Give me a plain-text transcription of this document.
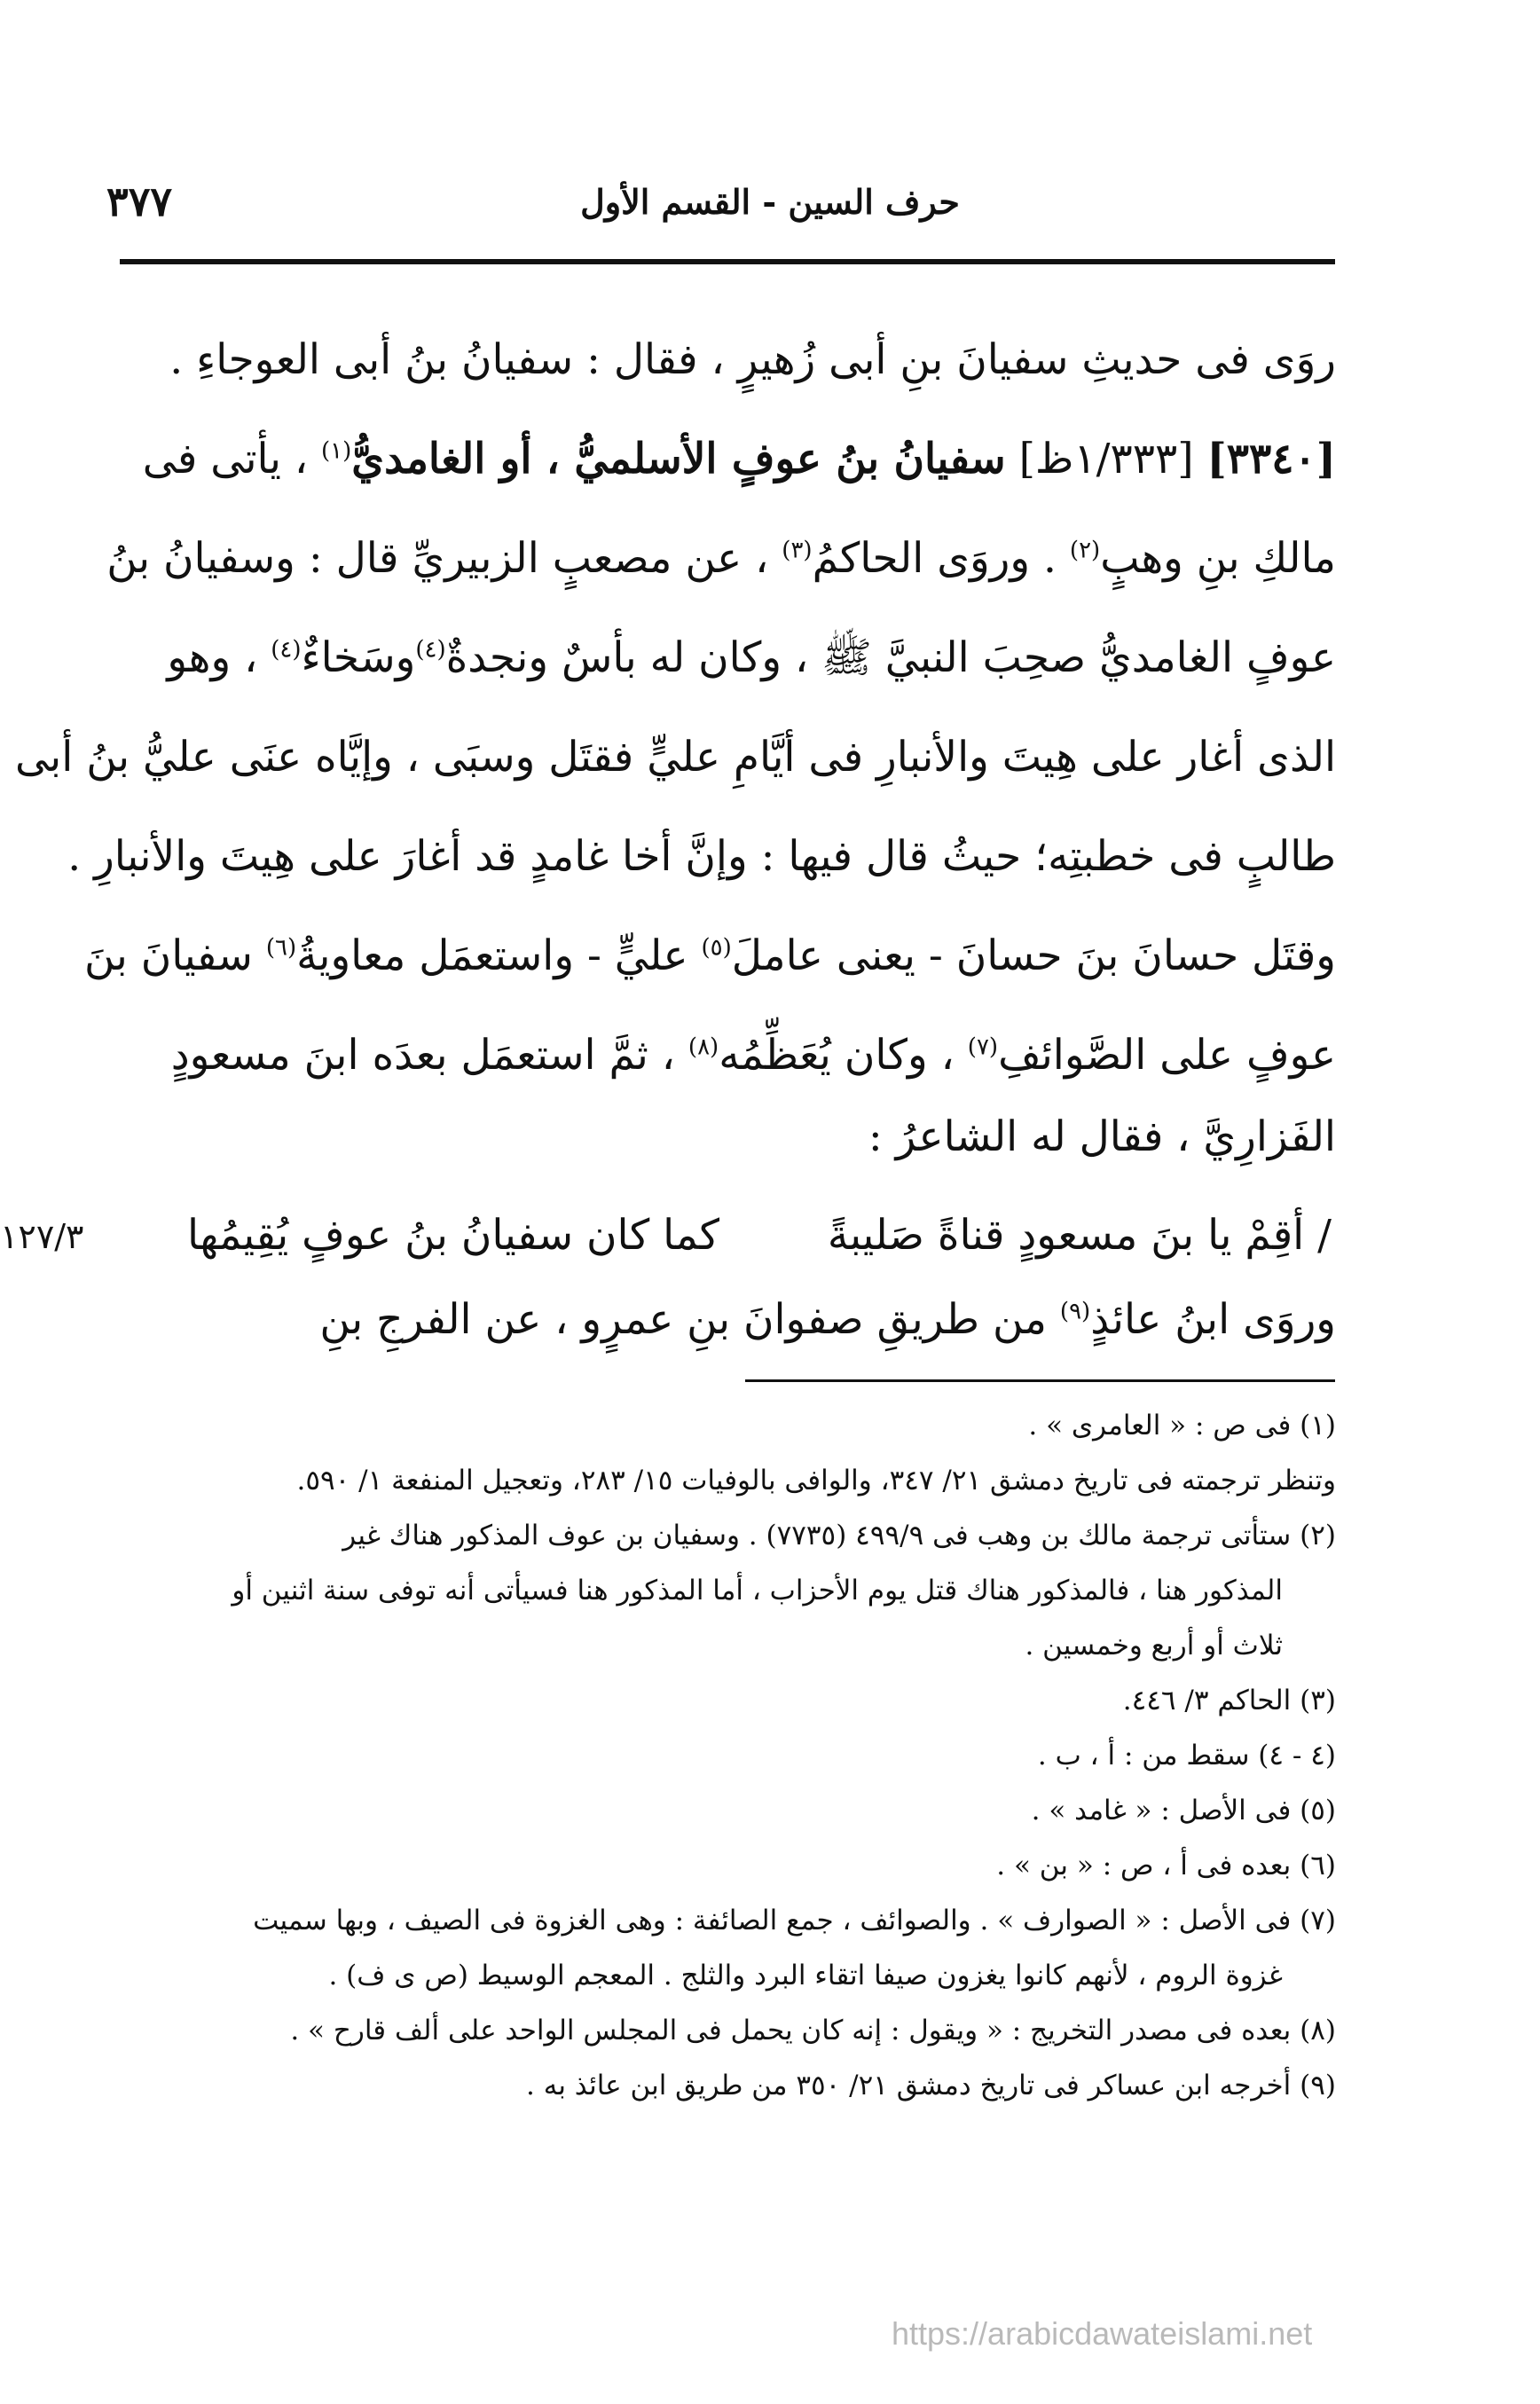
٣٧٧	حرف السين - القسم الأول
روَى فى حديثِ سفيانَ بنِ أبى زُهيرٍ ، فقال : سفيانُ بنُ أبى العوجاءِ .
[٣٣٤٠] [١/٣٣٣ظ] سفيانُ بنُ عوفٍ الأسلميُّ ، أو الغامديُّ$^{(١)}$ ، يأتى فى
مالكِ بنِ وهبٍ$^{(٢)}$ . وروَى الحاكمُ$^{(٣)}$ ، عن مصعبٍ الزبيريِّ قال : وسفيانُ بنُ
عوفٍ الغامديُّ صحِبَ النبيَّ ﷺ ، وكان له بأسٌ ونجدةٌ$^{(٤)}$وسَخاءٌ$^{(٤)}$ ، وهو
الذى أغار على هِيتَ والأنبارِ فى أيَّامِ عليٍّ فقتَل وسبَى ، وإيَّاه عنَى عليُّ بنُ أبى
طالبٍ فى خطبتِه؛ حيثُ قال فيها : وإنَّ أخا غامدٍ قد أغارَ على هِيتَ والأنبارِ .
وقتَل حسانَ بنَ حسانَ - يعنى عاملَ$^{(٥)}$ عليٍّ - واستعمَل معاويةُ$^{(٦)}$ سفيانَ بنَ
عوفٍ على الصَّوائفِ$^{(٧)}$ ، وكان يُعَظِّمُه$^{(٨)}$ ، ثمَّ استعمَل بعدَه ابنَ مسعودٍ
الفَزارِيَّ ، فقال له الشاعرُ :
وروَى ابنُ عائذٍ$^{(٩)}$ من طريقِ صفوانَ بنِ عمرٍو ، عن الفرجِ بنِ
/ أقِمْ يا بنَ مسعودٍ قناةً صَليبةً
كما كان سفيانُ بنُ عوفٍ يُقِيمُها
١٢٧/٣
(١) فى ص : « العامرى » .
وتنظر ترجمته فى تاريخ دمشق ٢١/ ٣٤٧، والوافى بالوفيات ١٥/ ٢٨٣، وتعجيل المنفعة ١/ ٥٩٠.
(٢) ستأتى ترجمة مالك بن وهب فى ٤٩٩/٩ (٧٧٣٥) . وسفيان بن عوف المذكور هناك غير
المذكور هنا ، فالمذكور هناك قتل يوم الأحزاب ، أما المذكور هنا فسيأتى أنه توفى سنة اثنين أو
ثلاث أو أربع وخمسين .
(٣) الحاكم ٣/ ٤٤٦.
(٤ - ٤) سقط من : أ ، ب .
(٥) فى الأصل : « غامد » .
(٦) بعده فى أ ، ص : « بن » .
(٧) فى الأصل : « الصوارف » . والصوائف ، جمع الصائفة : وهى الغزوة فى الصيف ، وبها سميت
غزوة الروم ، لأنهم كانوا يغزون صيفا اتقاء البرد والثلج . المعجم الوسيط (ص ى ف) .
(٨) بعده فى مصدر التخريج : « ويقول : إنه كان يحمل فى المجلس الواحد على ألف قارح » .
(٩) أخرجه ابن عساكر فى تاريخ دمشق ٢١/ ٣٥٠ من طريق ابن عائذ به .
https://arabicdawateislami.net
